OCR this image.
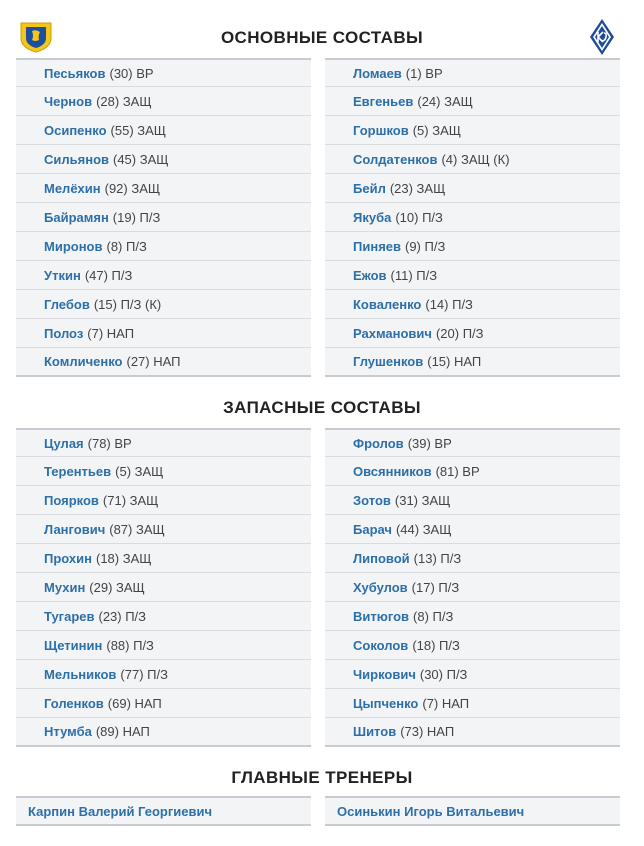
ОСНОВНЫЕ СОСТАВЫ
ЗАПАСНЫЕ СОСТАВЫ
ГЛАВНЫЕ ТРЕНЕРЫ
Песьяков (30) ВР
Чернов (28) ЗАЩ
Осипенко (55) ЗАЩ
Сильянов (45) ЗАЩ
Мелёхин (92) ЗАЩ
Байрамян (19) П/З
Миронов (8) П/З
Уткин (47) П/З
Глебов (15) П/З (К)
Полоз (7) НАП
Комличенко (27) НАП
Ломаев (1) ВР
Евгеньев (24) ЗАЩ
Горшков (5) ЗАЩ
Солдатенков (4) ЗАЩ (К)
Бейл (23) ЗАЩ
Якуба (10) П/З
Пиняев (9) П/З
Ежов (11) П/З
Коваленко (14) П/З
Рахманович (20) П/З
Глушенков (15) НАП
Цулая (78) ВР
Терентьев (5) ЗАЩ
Поярков (71) ЗАЩ
Лангович (87) ЗАЩ
Прохин (18) ЗАЩ
Мухин (29) ЗАЩ
Тугарев (23) П/З
Щетинин (88) П/З
Мельников (77) П/З
Голенков (69) НАП
Нтумба (89) НАП
Фролов (39) ВР
Овсянников (81) ВР
Зотов (31) ЗАЩ
Барач (44) ЗАЩ
Липовой (13) П/З
Хубулов (17) П/З
Витюгов (8) П/З
Соколов (18) П/З
Чиркович (30) П/З
Цыпченко (7) НАП
Шитов (73) НАП
Карпин Валерий Георгиевич	Осинькин Игорь Витальевич
